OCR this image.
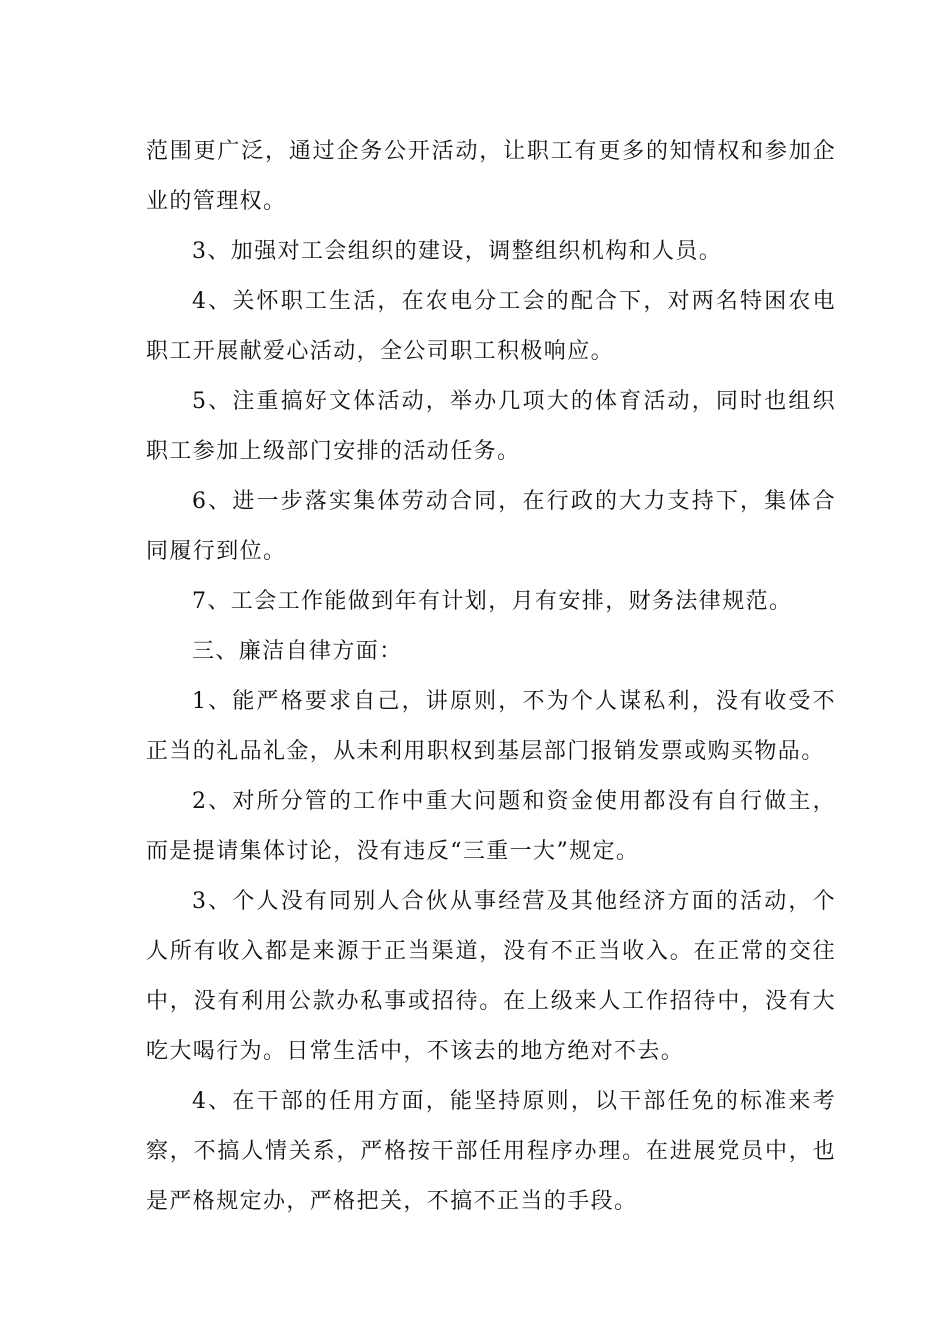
范围更广泛，通过企务公开活动，让职工有更多的知情权和参加企业的管理权。

3、加强对工会组织的建设，调整组织机构和人员。

4、关怀职工生活，在农电分工会的配合下，对两名特困农电职工开展献爱心活动，全公司职工积极响应。

5、注重搞好文体活动，举办几项大的体育活动，同时也组织职工参加上级部门安排的活动任务。

6、进一步落实集体劳动合同，在行政的大力支持下，集体合同履行到位。

7、工会工作能做到年有计划，月有安排，财务法律规范。

三、廉洁自律方面：

1、能严格要求自己，讲原则，不为个人谋私利，没有收受不正当的礼品礼金，从未利用职权到基层部门报销发票或购买物品。

2、对所分管的工作中重大问题和资金使用都没有自行做主，而是提请集体讨论，没有违反“三重一大”规定。

3、个人没有同别人合伙从事经营及其他经济方面的活动，个人所有收入都是来源于正当渠道，没有不正当收入。在正常的交往中，没有利用公款办私事或招待。在上级来人工作招待中，没有大吃大喝行为。日常生活中，不该去的地方绝对不去。

4、在干部的任用方面，能坚持原则，以干部任免的标准来考察，不搞人情关系，严格按干部任用程序办理。在进展党员中，也是严格规定办，严格把关，不搞不正当的手段。
